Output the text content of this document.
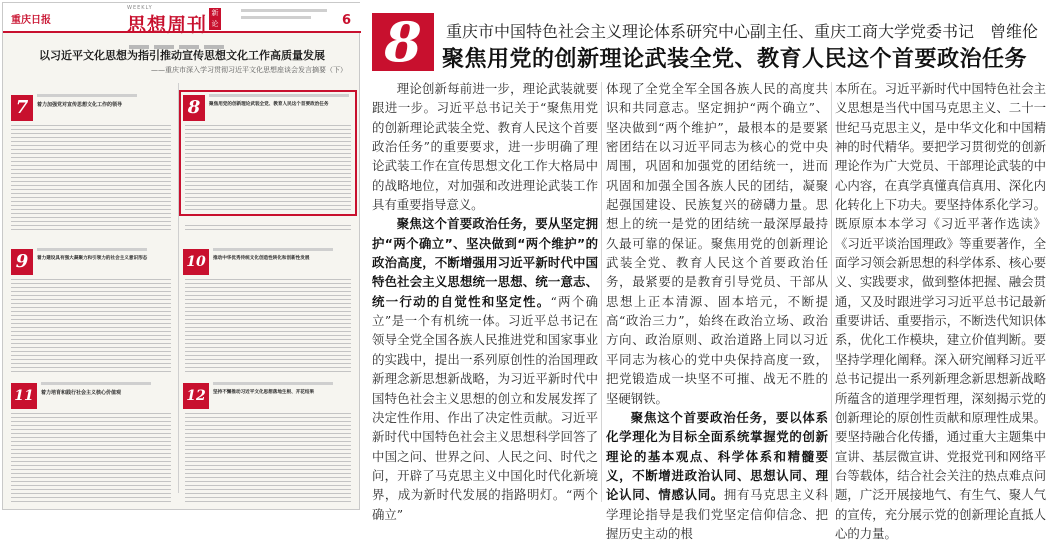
重庆日报
WEEKLY
思想周刊
新论	6
以习近平文化思想为指引推动宣传思想文化工作高质量发展
——重庆市深入学习贯彻习近平文化思想座谈会发言摘要（下）
7	着力加强党对宣传思想文化工作的领导	8	聚焦用党的创新理论武装全党、教育人民这个首要政治任务
9	着力建设具有强大凝聚力和引领力的社会主义意识形态	10	推动中华优秀传统文化创造性转化和创新性发展
11	着力培育和践行社会主义核心价值观	12	坚持不懈推动习近平文化思想落地生根、开花结果
8	重庆市中国特色社会主义理论体系研究中心副主任、重庆工商大学党委书记　曾维伦
聚焦用党的创新理论武装全党、教育人民这个首要政治任务

理论创新每前进一步，理论武装就要跟进一步。习近平总书记关于“聚焦用党的创新理论武装全党、教育人民这个首要政治任务”的重要要求，进一步明确了理论武装工作在宣传思想文化工作大格局中的战略地位，对加强和改进理论武装工作具有重要指导意义。

聚焦这个首要政治任务，要从坚定拥护“两个确立”、坚决做到“两个维护”的政治高度，不断增强用习近平新时代中国特色社会主义思想统一思想、统一意志、统一行动的自觉性和坚定性。“两个确立”是一个有机统一体。习近平总书记在领导全党全国各族人民推进党和国家事业的实践中，提出一系列原创性的治国理政新理念新思想新战略，为习近平新时代中国特色社会主义思想的创立和发展发挥了决定性作用、作出了决定性贡献。习近平新时代中国特色社会主义思想科学回答了中国之问、世界之问、人民之问、时代之问，开辟了马克思主义中国化时代化新境界，成为新时代发展的指路明灯。“两个确立”

体现了全党全军全国各族人民的高度共识和共同意志。坚定拥护“两个确立”、坚决做到“两个维护”，最根本的是要紧密团结在以习近平同志为核心的党中央周围，巩固和加强党的团结统一，进而巩固和加强全国各族人民的团结，凝聚起强国建设、民族复兴的磅礴力量。思想上的统一是党的团结统一最深厚最持久最可靠的保证。聚焦用党的创新理论武装全党、教育人民这个首要政治任务，最紧要的是教育引导党员、干部从思想上正本清源、固本培元，不断提高“政治三力”，始终在政治立场、政治方向、政治原则、政治道路上同以习近平同志为核心的党中央保持高度一致，把党锻造成一块坚不可摧、战无不胜的坚硬钢铁。

聚焦这个首要政治任务，要以体系化学理化为目标全面系统掌握党的创新理论的基本观点、科学体系和精髓要义，不断增进政治认同、思想认同、理论认同、情感认同。拥有马克思主义科学理论指导是我们党坚定信仰信念、把握历史主动的根

本所在。习近平新时代中国特色社会主义思想是当代中国马克思主义、二十一世纪马克思主义，是中华文化和中国精神的时代精华。要把学习贯彻党的创新理论作为广大党员、干部理论武装的中心内容，在真学真懂真信真用、深化内化转化上下功夫。要坚持体系化学习。既原原本本学习《习近平著作选读》《习近平谈治国理政》等重要著作，全面学习领会新思想的科学体系、核心要义、实践要求，做到整体把握、融会贯通，又及时跟进学习习近平总书记最新重要讲话、重要指示，不断迭代知识体系，优化工作模块，建立价值判断。要坚持学理化阐释。深入研究阐释习近平总书记提出一系列新理念新思想新战略所蕴含的道理学理哲理，深刻揭示党的创新理论的原创性贡献和原理性成果。要坚持融合化传播，通过重大主题集中宣讲、基层微宣讲、党报党刊和网络平台等载体，结合社会关注的热点难点问题，广泛开展接地气、有生气、聚人气的宣传，充分展示党的创新理论直抵人心的力量。
